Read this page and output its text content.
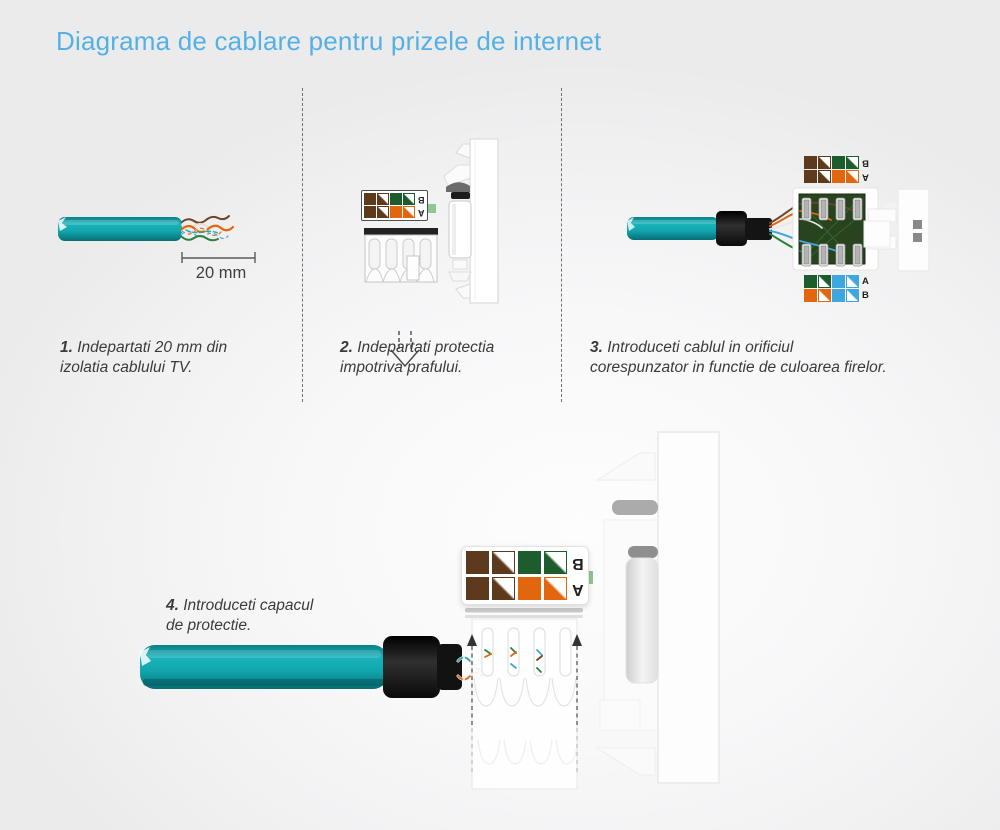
Diagrama de cablare pentru prizele de internet
20 mm
1. Indepartati 20 mm din
izolatia cablului TV.
2. Indepartati protectia
impotriva prafului.
3. Introduceti cablul in orificiul
corespunzator in functie de culoarea firelor.
4. Introduceti capacul
de protectie.
B
A
B
A
A
B
B
A
